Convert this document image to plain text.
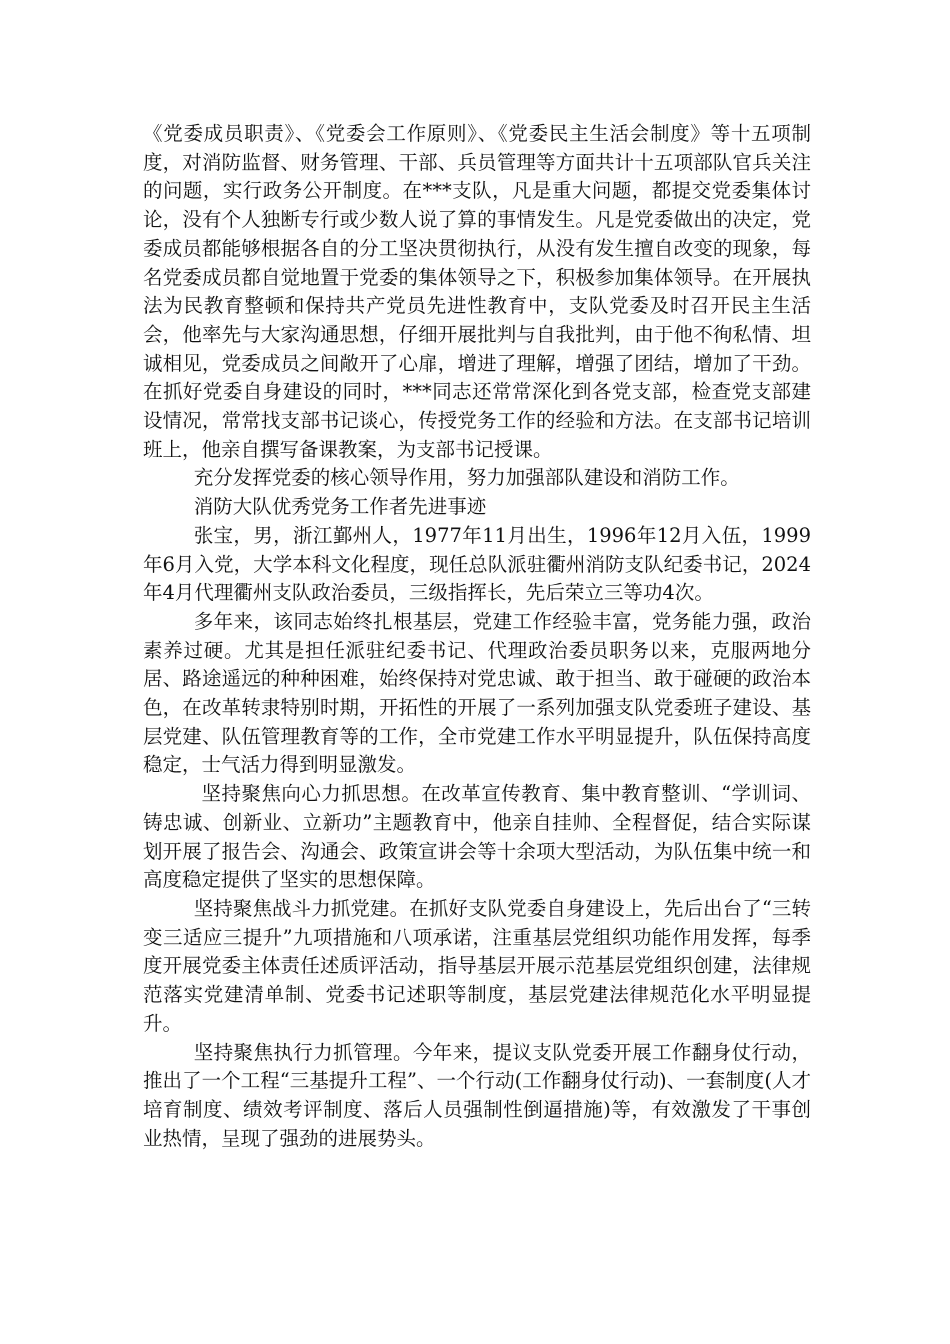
《党委成员职责》、《党委会工作原则》、《党委民主生活会制度》等十五项制度，对消防监督、财务管理、干部、兵员管理等方面共计十五项部队官兵关注的问题，实行政务公开制度。在***支队，凡是重大问题，都提交党委集体讨论，没有个人独断专行或少数人说了算的事情发生。凡是党委做出的决定，党委成员都能够根据各自的分工坚决贯彻执行，从没有发生擅自改变的现象，每名党委成员都自觉地置于党委的集体领导之下，积极参加集体领导。在开展执法为民教育整顿和保持共产党员先进性教育中，支队党委及时召开民主生活会，他率先与大家沟通思想，仔细开展批判与自我批判，由于他不徇私情、坦诚相见，党委成员之间敞开了心扉，增进了理解，增强了团结，增加了干劲。在抓好党委自身建设的同时，***同志还常常深化到各党支部，检查党支部建设情况，常常找支部书记谈心，传授党务工作的经验和方法。在支部书记培训班上，他亲自撰写备课教案，为支部书记授课。

充分发挥党委的核心领导作用，努力加强部队建设和消防工作。

消防大队优秀党务工作者先进事迹

张宝，男，浙江鄞州人，1977年11月出生，1996年12月入伍，1999年6月入党，大学本科文化程度，现任总队派驻衢州消防支队纪委书记，2024年4月代理衢州支队政治委员，三级指挥长，先后荣立三等功4次。

多年来，该同志始终扎根基层，党建工作经验丰富，党务能力强，政治素养过硬。尤其是担任派驻纪委书记、代理政治委员职务以来，克服两地分居、路途遥远的种种困难，始终保持对党忠诚、敢于担当、敢于碰硬的政治本色，在改革转隶特别时期，开拓性的开展了一系列加强支队党委班子建设、基层党建、队伍管理教育等的工作，全市党建工作水平明显提升，队伍保持高度稳定，士气活力得到明显激发。

坚持聚焦向心力抓思想。在改革宣传教育、集中教育整训、“学训词、铸忠诚、创新业、立新功”主题教育中，他亲自挂帅、全程督促，结合实际谋划开展了报告会、沟通会、政策宣讲会等十余项大型活动，为队伍集中统一和高度稳定提供了坚实的思想保障。

坚持聚焦战斗力抓党建。在抓好支队党委自身建设上，先后出台了“三转变三适应三提升”九项措施和八项承诺，注重基层党组织功能作用发挥，每季度开展党委主体责任述质评活动，指导基层开展示范基层党组织创建，法律规范落实党建清单制、党委书记述职等制度，基层党建法律规范化水平明显提升。

坚持聚焦执行力抓管理。今年来，提议支队党委开展工作翻身仗行动，推出了一个工程“三基提升工程”、一个行动(工作翻身仗行动)、一套制度(人才培育制度、绩效考评制度、落后人员强制性倒逼措施)等，有效激发了干事创业热情，呈现了强劲的进展势头。
